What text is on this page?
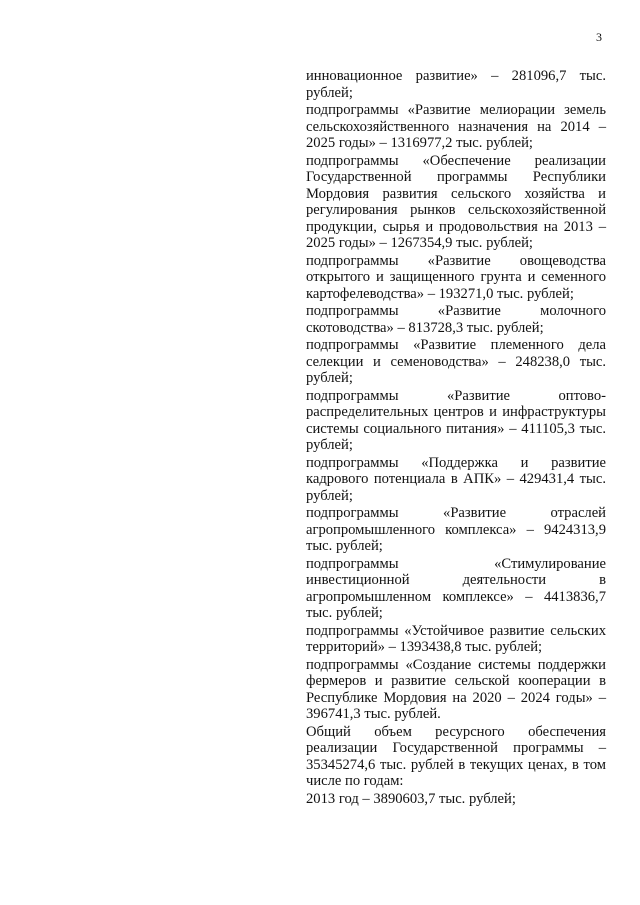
3

инновационное развитие» – 281096,7 тыс. рублей;

подпрограммы «Развитие мелиорации земель сельскохозяйственного назначения на 2014 – 2025 годы» – 1316977,2 тыс. рублей;

подпрограммы «Обеспечение реализации Государственной программы Республики Мордовия развития сельского хозяйства и регулирования рынков сельскохозяйственной продукции, сырья и продовольствия на 2013 – 2025 годы» – 1267354,9 тыс. рублей;

подпрограммы «Развитие овощеводства открытого и защищенного грунта и семенного картофелеводства» – 193271,0 тыс. рублей;

подпрограммы «Развитие молочного скотоводства» – 813728,3 тыс. рублей;

подпрограммы «Развитие племенного дела селекции и семеноводства» – 248238,0 тыс. рублей;

подпрограммы «Развитие оптово-распределительных центров и инфраструктуры системы социального питания» – 411105,3 тыс. рублей;

подпрограммы «Поддержка и развитие кадрового потенциала в АПК» – 429431,4 тыс. рублей;

подпрограммы «Развитие отраслей агропромышленного комплекса» – 9424313,9 тыс. рублей;

подпрограммы «Стимулирование инвестиционной деятельности в агропромышленном комплексе» – 4413836,7 тыс. рублей;

подпрограммы «Устойчивое развитие сельских территорий» – 1393438,8 тыс. рублей;

подпрограммы «Создание системы поддержки фермеров и развитие сельской кооперации в Республике Мордовия на 2020 – 2024 годы» – 396741,3 тыс. рублей.

Общий объем ресурсного обеспечения реализации Государственной программы – 35345274,6 тыс. рублей в текущих ценах, в том числе по годам:

2013 год – 3890603,7 тыс. рублей;
